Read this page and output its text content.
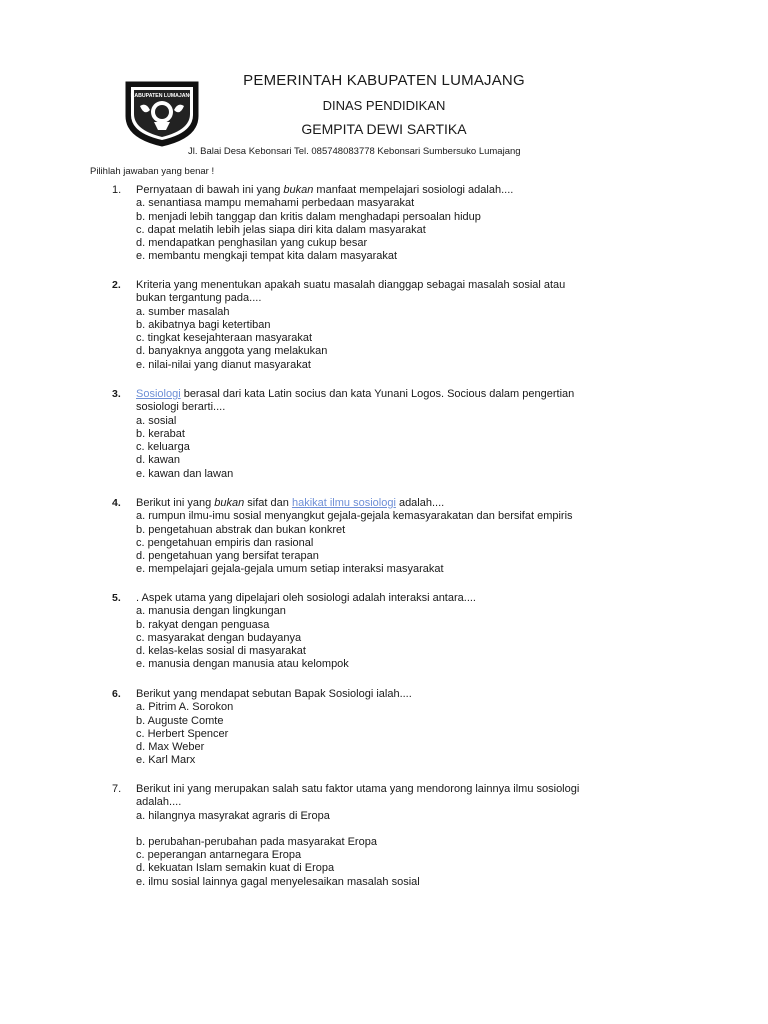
KABUPATEN LUMAJANG
PEMERINTAH KABUPATEN LUMAJANG
DINAS PENDIDIKAN
GEMPITA DEWI SARTIKA
Jl. Balai Desa Kebonsari Tel. 085748083778 Kebonsari Sumbersuko Lumajang
Pilihlah jawaban yang benar !
1.	Pernyataan di bawah ini yang bukan manfaat mempelajari sosiologi adalah....

a. senantiasa mampu memahami perbedaan masyarakat

b. menjadi lebih tanggap dan kritis dalam menghadapi persoalan hidup

c. dapat melatih lebih jelas siapa diri kita dalam masyarakat

d. mendapatkan penghasilan yang cukup besar

e. membantu mengkaji tempat kita dalam masyarakat

2.	Kriteria yang menentukan apakah suatu masalah dianggap sebagai masalah sosial atau

bukan tergantung pada....

a. sumber masalah

b. akibatnya bagi ketertiban

c. tingkat kesejahteraan masyarakat

d. banyaknya anggota yang melakukan

e. nilai-nilai yang dianut masyarakat

3.	Sosiologi berasal dari kata Latin socius dan kata Yunani Logos. Socious dalam pengertian

sosiologi berarti....

a. sosial

b. kerabat

c. keluarga

d. kawan

e. kawan dan lawan

4.	Berikut ini yang bukan sifat dan hakikat ilmu sosiologi adalah....

a. rumpun ilmu-imu sosial menyangkut gejala-gejala kemasyarakatan dan bersifat empiris

b. pengetahuan abstrak dan bukan konkret

c. pengetahuan empiris dan rasional

d. pengetahuan yang bersifat terapan

e. mempelajari gejala-gejala umum setiap interaksi masyarakat

5.	. Aspek utama yang dipelajari oleh sosiologi adalah interaksi antara....

a. manusia dengan lingkungan

b. rakyat dengan penguasa

c. masyarakat dengan budayanya

d. kelas-kelas sosial di masyarakat

e. manusia dengan manusia atau kelompok

6.	Berikut yang mendapat sebutan Bapak Sosiologi ialah....

a. Pitrim A. Sorokon

b. Auguste Comte

c. Herbert Spencer

d. Max Weber

e. Karl Marx

7.	Berikut ini yang merupakan salah satu faktor utama yang mendorong lainnya ilmu sosiologi

adalah....

a. hilangnya masyrakat agraris di Eropa

b. perubahan-perubahan pada masyarakat Eropa

c. peperangan antarnegara Eropa

d. kekuatan Islam semakin kuat di Eropa

e. ilmu sosial lainnya gagal menyelesaikan masalah sosial
